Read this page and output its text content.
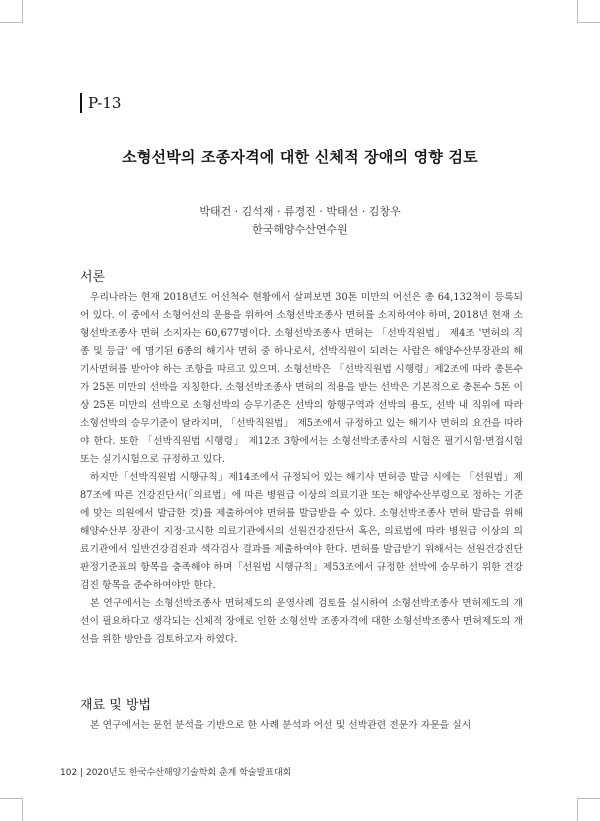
P-13
소형선박의 조종자격에 대한 신체적 장애의 영향 검토
박태건 · 김석재 · 류경진 · 박태선 · 김창우
한국해양수산연수원
서론

우리나라는 현재 2018년도 어선척수 현황에서 살펴보면 30톤 미만의 어선은 총 64,132척이 등록되어 있다. 이 중에서 소형어선의 운용을 위하여 소형선박조종사 면허를 소지하여야 하며, 2018년 현재 소형선박조종사 면허 소지자는 60,677명이다. 소형선박조종사 면허는 「선박직원법」 제4조 '면허의 직종 및 등급' 에 명기된 6종의 해기사 면허 중 하나로서, 선박직원이 되려는 사람은 해양수산부장관의 해기사면허를 받아야 하는 조항을 따르고 있으며. 소형선박은 「선박직원법 시행령」제2조에 따라 총톤수가 25톤 미만의 선박을 지칭한다. 소형선박조종사 면허의 적용을 받는 선박은 기본적으로 총톤수 5톤 이상 25톤 미만의 선박으로 소형선박의 승무기준은 선박의 항행구역과 선박의 용도, 선박 내 직위에 따라 소형선박의 승무기준이 달라지며, 「선박직원법」 제5조에서 규정하고 있는 해기사 면허의 요건을 따라야 한다. 또한 「선박직원법 시행령」 제12조 3항에서는 소형선박조종사의 시험은 필기시험·면접시험 또는 실기시험으로 규정하고 있다.

하지만「선박직원법 시행규칙」제14조에서 규정되어 있는 해기사 면허증 발급 시에는 「선원법」제87조에 따른 건강진단서(「의료법」에 따른 병원급 이상의 의료기관 또는 해양수산부령으로 정하는 기준에 맞는 의원에서 발급한 것)를 제출하여야 면허를 발급받을 수 있다. 소형선박조종사 면허 발급을 위해 해양수산부 장관이 지정·고시한 의료기관에서의 선원건강진단서 혹은, 의료법에 따라 병원급 이상의 의료기관에서 일반건강검진과 색각검사 결과를 제출하여야 한다. 면허를 발급받기 위해서는 선원건강진단 판정기준표의 항목을 충족해야 하며「선원법 시행규칙」제53조에서 규정한 선박에 승무하기 위한 건강검진 항목을 준수하여야만 한다.

본 연구에서는 소형선박조종사 면허제도의 운영사례 검토를 실시하여 소형선박조종사 면허제도의 개선이 필요하다고 생각되는 신체적 장애로 인한 소형선박 조종자격에 대한 소형선박조종사 면허제도의 개선을 위한 방안을 검토하고자 하였다.

재료 및 방법

본 연구에서는 문헌 분석을 기반으로 한 사례 분석과 어선 및 선박관련 전문가 자문을 실시

102 | 2020년도 한국수산해양기술학회 춘계 학술발표대회
